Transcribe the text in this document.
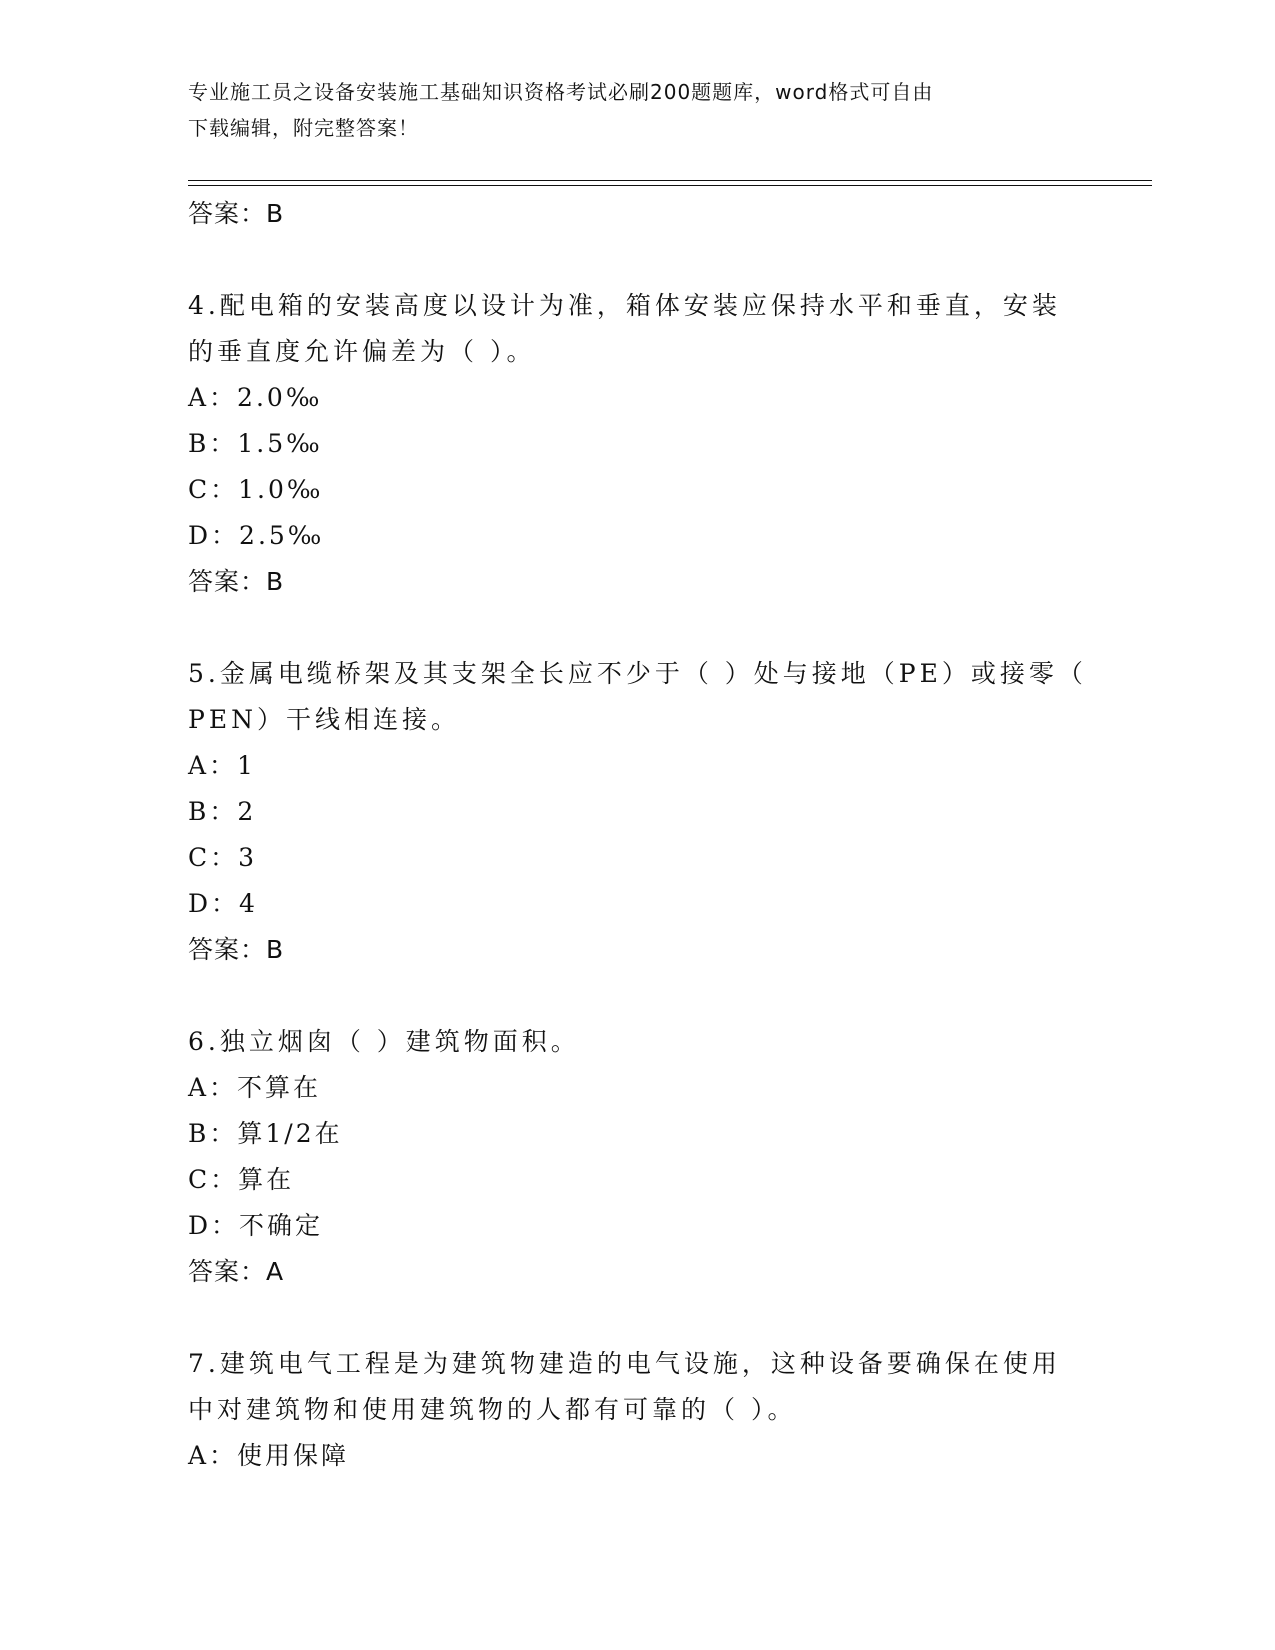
专业施工员之设备安装施工基础知识资格考试必刷200题题库，word格式可自由
下载编辑，附完整答案！
答案：B
4.配电箱的安装高度以设计为准，箱体安装应保持水平和垂直，安装
的垂直度允许偏差为（ ）。
A：2.0‰
B：1.5‰
C：1.0‰
D：2.5‰
答案：B
5.金属电缆桥架及其支架全长应不少于（ ）处与接地（PE）或接零（
PEN）干线相连接。
A：1
B：2
C：3
D：4
答案：B
6.独立烟囱（ ）建筑物面积。
A：不算在
B：算1/2在
C：算在
D：不确定
答案：A
7.建筑电气工程是为建筑物建造的电气设施，这种设备要确保在使用
中对建筑物和使用建筑物的人都有可靠的（ ）。
A：使用保障
